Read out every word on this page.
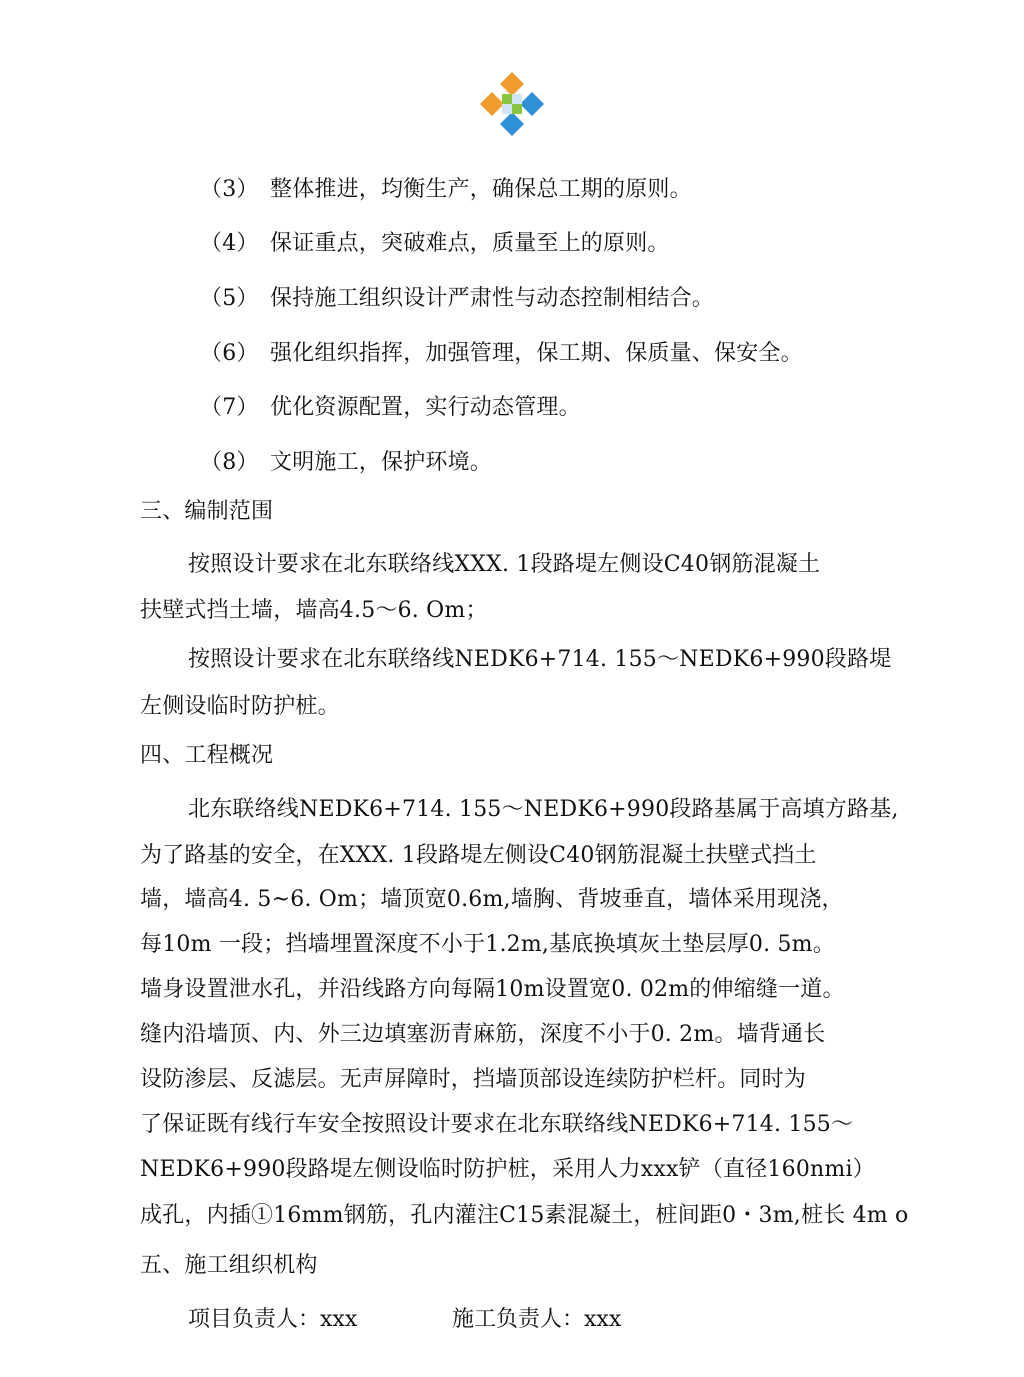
（3） 整体推进，均衡生产，确保总工期的原则。
（4） 保证重点，突破难点，质量至上的原则。
（5） 保持施工组织设计严肃性与动态控制相结合。
（6） 强化组织指挥，加强管理，保工期、保质量、保安全。
（7） 优化资源配置，实行动态管理。
（8） 文明施工，保护环境。
三、编制范围
按照设计要求在北东联络线XXX. 1段路堤左侧设C40钢筋混凝土
扶壁式挡土墙，墙高4.5～6. Om；
按照设计要求在北东联络线NEDK6+714. 155～NEDK6+990段路堤
左侧设临时防护桩。
四、工程概况
北东联络线NEDK6+714. 155～NEDK6+990段路基属于高填方路基,
为了路基的安全，在XXX. 1段路堤左侧设C40钢筋混凝土扶壁式挡土
墙，墙高4. 5~6. Om；墙顶宽0.6m,墙胸、背坡垂直，墙体采用现浇，
每10m 一段；挡墙埋置深度不小于1.2m,基底换填灰土垫层厚0. 5m。
墙身设置泄水孔，并沿线路方向每隔10m设置宽0. 02m的伸缩缝一道。
缝内沿墙顶、内、外三边填塞沥青麻筋，深度不小于0. 2m。墙背通长
设防渗层、反滤层。无声屏障时，挡墙顶部设连续防护栏杆。同时为
了保证既有线行车安全按照设计要求在北东联络线NEDK6+714. 155～
NEDK6+990段路堤左侧设临时防护桩，采用人力xxx铲（直径160nmi）
成孔，内插①16mm钢筋，孔内灌注C15素混凝土，桩间距0・3m,桩长 4m o
五、施工组织机构
项目负责人：xxx	施工负责人：xxx
